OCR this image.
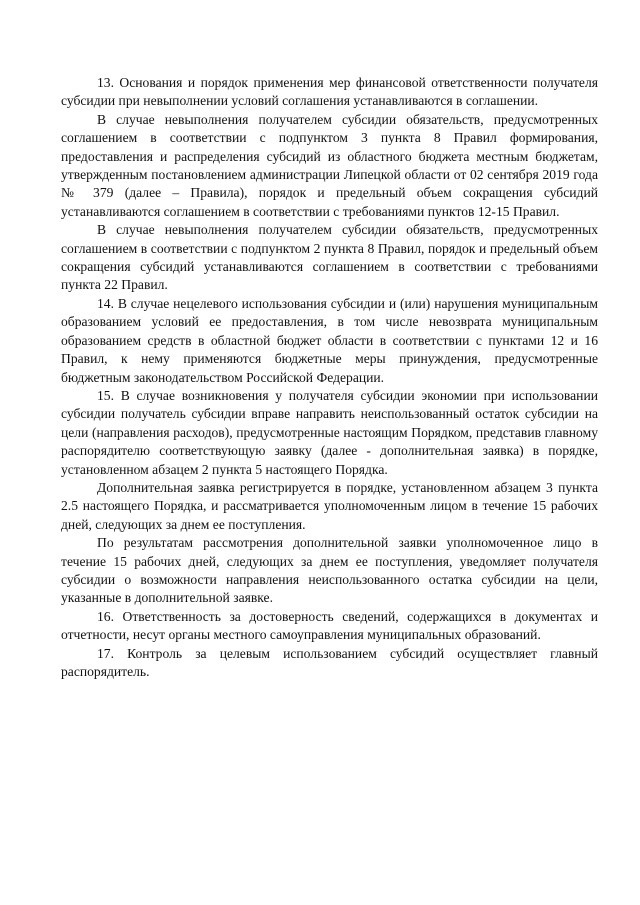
13. Основания и порядок применения мер финансовой ответственности получателя субсидии при невыполнении условий соглашения устанавливаются в соглашении.

В случае невыполнения получателем субсидии обязательств, предусмотренных соглашением в соответствии с подпунктом 3 пункта 8 Правил формирования, предоставления и распределения субсидий из областного бюджета местным бюджетам, утвержденным постановлением администрации Липецкой области от 02 сентября 2019 года № 379 (далее – Правила), порядок и предельный объем сокращения субсидий устанавливаются соглашением в соответствии с требованиями пунктов 12-15 Правил.

В случае невыполнения получателем субсидии обязательств, предусмотренных соглашением в соответствии с подпунктом 2 пункта 8 Правил, порядок и предельный объем сокращения субсидий устанавливаются соглашением в соответствии с требованиями пункта 22 Правил.

14. В случае нецелевого использования субсидии и (или) нарушения муниципальным образованием условий ее предоставления, в том числе невозврата муниципальным образованием средств в областной бюджет области в соответствии с пунктами 12 и 16 Правил, к нему применяются бюджетные меры принуждения, предусмотренные бюджетным законодательством Российской Федерации.

15. В случае возникновения у получателя субсидии экономии при использовании субсидии получатель субсидии вправе направить неиспользованный остаток субсидии на цели (направления расходов), предусмотренные настоящим Порядком, представив главному распорядителю соответствующую заявку (далее - дополнительная заявка) в порядке, установленном абзацем 2 пункта 5 настоящего Порядка.

Дополнительная заявка регистрируется в порядке, установленном абзацем 3 пункта 2.5 настоящего Порядка, и рассматривается уполномоченным лицом в течение 15 рабочих дней, следующих за днем ее поступления.

По результатам рассмотрения дополнительной заявки уполномоченное лицо в течение 15 рабочих дней, следующих за днем ее поступления, уведомляет получателя субсидии о возможности направления неиспользованного остатка субсидии на цели, указанные в дополнительной заявке.

16. Ответственность за достоверность сведений, содержащихся в документах и отчетности, несут органы местного самоуправления муниципальных образований.

17. Контроль за целевым использованием субсидий осуществляет главный распорядитель.
